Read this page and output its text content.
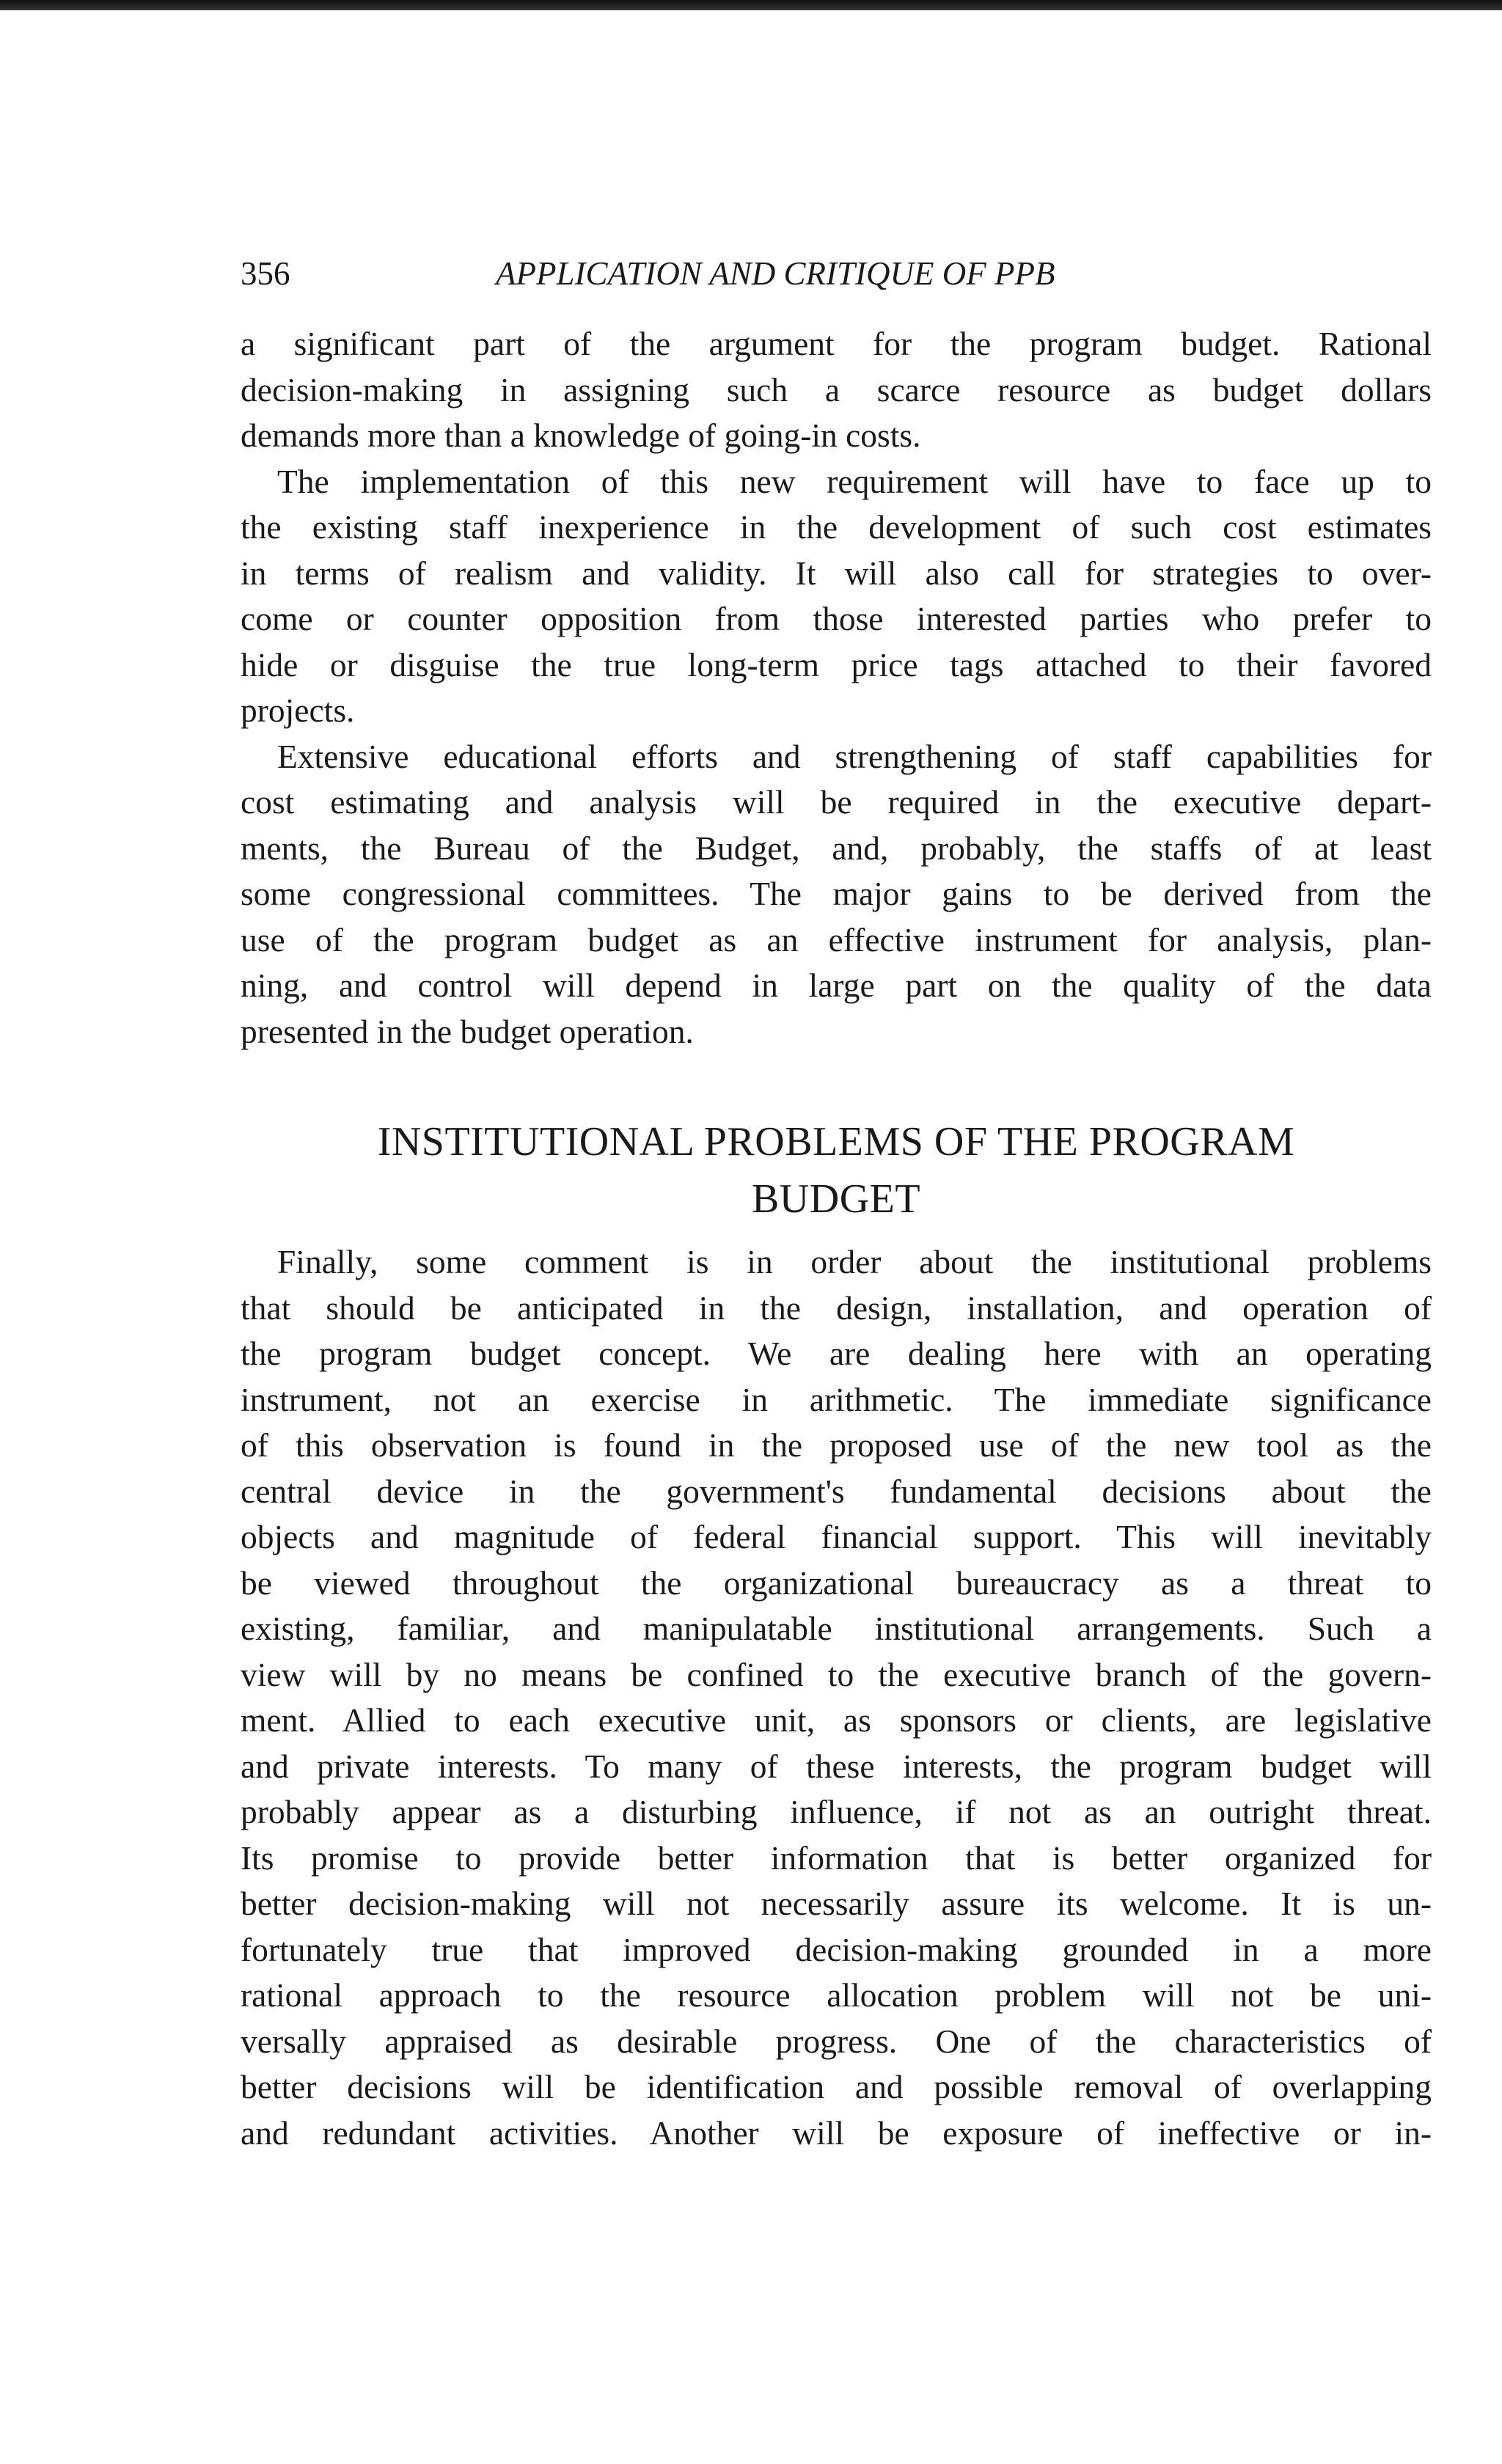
356	APPLICATION AND CRITIQUE OF PPB
a significant part of the argument for the program budget. Rational
decision-making in assigning such a scarce resource as budget dollars
demands more than a knowledge of going-in costs.
The implementation of this new requirement will have to face up to
the existing staff inexperience in the development of such cost estimates
in terms of realism and validity. It will also call for strategies to over-
come or counter opposition from those interested parties who prefer to
hide or disguise the true long-term price tags attached to their favored
projects.
Extensive educational efforts and strengthening of staff capabilities for
cost estimating and analysis will be required in the executive depart-
ments, the Bureau of the Budget, and, probably, the staffs of at least
some congressional committees. The major gains to be derived from the
use of the program budget as an effective instrument for analysis, plan-
ning, and control will depend in large part on the quality of the data
presented in the budget operation.
INSTITUTIONAL PROBLEMS OF THE PROGRAM
BUDGET
Finally, some comment is in order about the institutional problems
that should be anticipated in the design, installation, and operation of
the program budget concept. We are dealing here with an operating
instrument, not an exercise in arithmetic. The immediate significance
of this observation is found in the proposed use of the new tool as the
central device in the government's fundamental decisions about the
objects and magnitude of federal financial support. This will inevitably
be viewed throughout the organizational bureaucracy as a threat to
existing, familiar, and manipulatable institutional arrangements. Such a
view will by no means be confined to the executive branch of the govern-
ment. Allied to each executive unit, as sponsors or clients, are legislative
and private interests. To many of these interests, the program budget will
probably appear as a disturbing influence, if not as an outright threat.
Its promise to provide better information that is better organized for
better decision-making will not necessarily assure its welcome. It is un-
fortunately true that improved decision-making grounded in a more
rational approach to the resource allocation problem will not be uni-
versally appraised as desirable progress. One of the characteristics of
better decisions will be identification and possible removal of overlapping
and redundant activities. Another will be exposure of ineffective or in-
